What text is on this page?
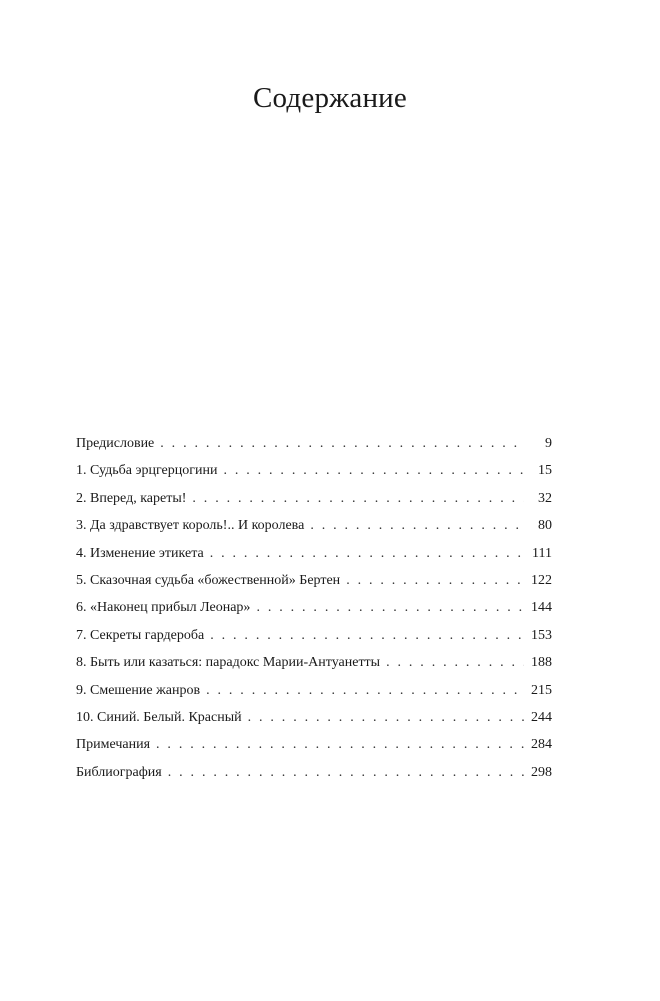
Содержание
Предисловие . . .	9
1. Судьба эрцгерцогини . . .	15
2. Вперед, кареты! . . .	32
3. Да здравствует король!.. И королева . . .	80
4. Изменение этикета . . .	111
5. Сказочная судьба «божественной» Бертен . . .	122
6. «Наконец прибыл Леонар» . . .	144
7. Секреты гардероба . . .	153
8. Быть или казаться: парадокс Марии-Антуанетты . . .	188
9. Смешение жанров . . .	215
10. Синий. Белый. Красный . . .	244
Примечания . . .	284
Библиография . . .	298
